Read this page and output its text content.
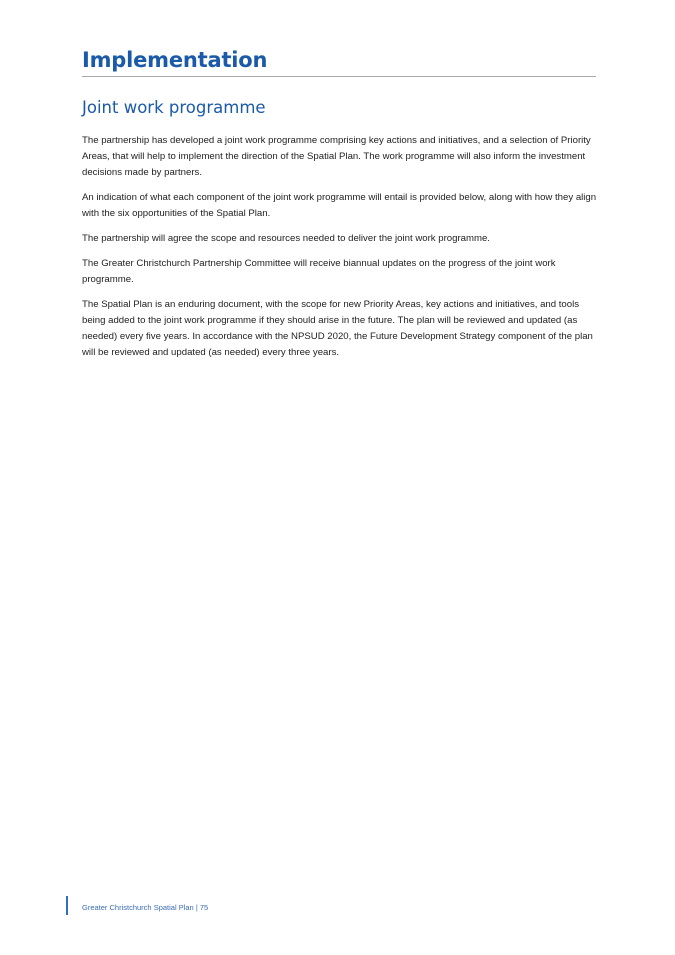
Implementation
Joint work programme

The partnership has developed a joint work programme comprising key actions and initiatives, and a selection of Priority Areas, that will help to implement the direction of the Spatial Plan. The work programme will also inform the investment decisions made by partners.

An indication of what each component of the joint work programme will entail is provided below, along with how they align with the six opportunities of the Spatial Plan.

The partnership will agree the scope and resources needed to deliver the joint work programme.

The Greater Christchurch Partnership Committee will receive biannual updates on the progress of the joint work programme.

The Spatial Plan is an enduring document, with the scope for new Priority Areas, key actions and initiatives, and tools being added to the joint work programme if they should arise in the future. The plan will be reviewed and updated (as needed) every five years. In accordance with the NPSUD 2020, the Future Development Strategy component of the plan will be reviewed and updated (as needed) every three years.

Greater Christchurch Spatial Plan | 75
